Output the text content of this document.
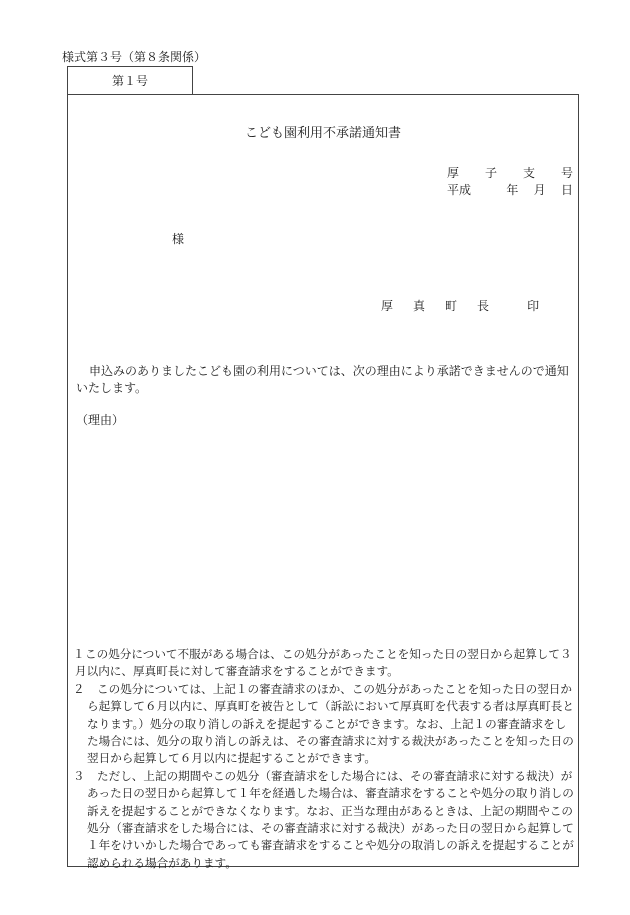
様式第３号（第８条関係）
第１号
こども園利用不承諾通知書
厚 子 支 号
平成	年 月 日
様
厚 真 町 長	印
申込みのありましたこども園の利用については、次の理由により承諾できませんので通知いたします。
（理由）
１ この処分について不服がある場合は、この処分があったことを知った日の翌日から起算して３月以内に、厚真町長に対して審査請求をすることができます。
２	この処分については、上記１の審査請求のほか、この処分があったことを知った日の翌日から起算して６月以内に、厚真町を被告として（訴訟において厚真町を代表する者は厚真町長となります。）処分の取り消しの訴えを提起することができます。なお、上記１の審査請求をした場合には、処分の取り消しの訴えは、その審査請求に対する裁決があったことを知った日の翌日から起算して６月以内に提起することができます。
３	ただし、上記の期間やこの処分（審査請求をした場合には、その審査請求に対する裁決）があった日の翌日から起算して１年を経過した場合は、審査請求をすることや処分の取り消しの訴えを提起することができなくなります。なお、正当な理由があるときは、上記の期間やこの処分（審査請求をした場合には、その審査請求に対する裁決）があった日の翌日から起算して１年をけいかした場合であっても審査請求をすることや処分の取消しの訴えを提起することが認められる場合があります。
